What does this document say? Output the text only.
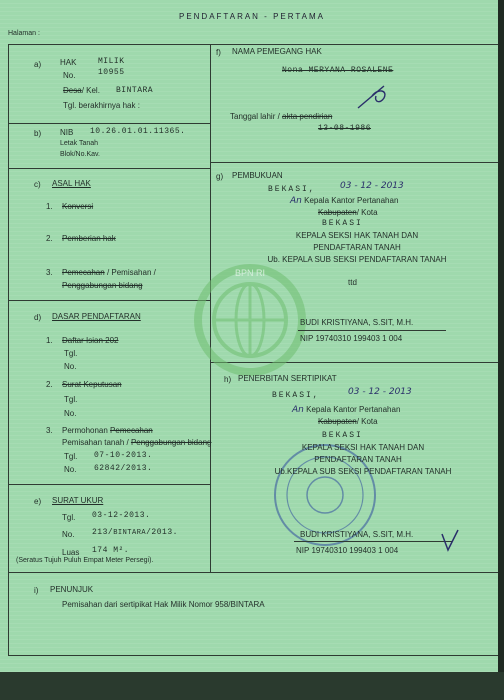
PENDAFTARAN - PERTAMA
Halaman :
BPN RI
a) HAK	MILIK
No.	10955
Desa/ Kel. BINTARA
Tgl. berakhirnya hak :
b) NIB 10.26.01.01.11365.
Letak Tanah
Blok/No.Kav.
c) ASAL HAK
1. Konversi
2. Pemberian hak
3. Pemecahan / Pemisahan /
Penggabungan bidang
d) DASAR PENDAFTARAN
1. Daftar Isian 202
Tgl.
No.
2. Surat Keputusan
Tgl.
No.
3. Permohonan Pemecahan
Pemisahan tanah / Penggabungan bidang
Tgl. 07-10-2013.
No. 62842/2013.
e) SURAT UKUR
Tgl. 03-12-2013.
No. 213/BINTARA/2013.
Luas 174 M².
(Seratus Tujuh Puluh Empat Meter Persegi).
f) NAMA PEMEGANG HAK
Nona MERYANA ROSALENE
Tanggal lahir / akta pendirian
13-08-1986
g) PEMBUKUAN
BEKASI,	03 - 12 - 2013
An Kepala Kantor Pertanahan
Kabupaten/ Kota
BEKASI
KEPALA SEKSI HAK TANAH DAN
PENDAFTARAN TANAH
Ub. KEPALA SUB SEKSI PENDAFTARAN TANAH
ttd
BUDI KRISTIYANA, S.SIT, M.H.
NIP 19740310 199403 1 004
h) PENERBITAN SERTIPIKAT
BEKASI,	03 - 12 - 2013
An Kepala Kantor Pertanahan
Kabupaten/ Kota
BEKASI
KEPALA SEKSI HAK TANAH DAN
PENDAFTARAN TANAH
Ub.KEPALA SUB SEKSI PENDAFTARAN TANAH
BUDI KRISTIYANA, S.SIT, M.H.
NIP 19740310 199403 1 004
i) PENUNJUK
Pemisahan dari sertipikat Hak Milik Nomor 958/BINTARA
